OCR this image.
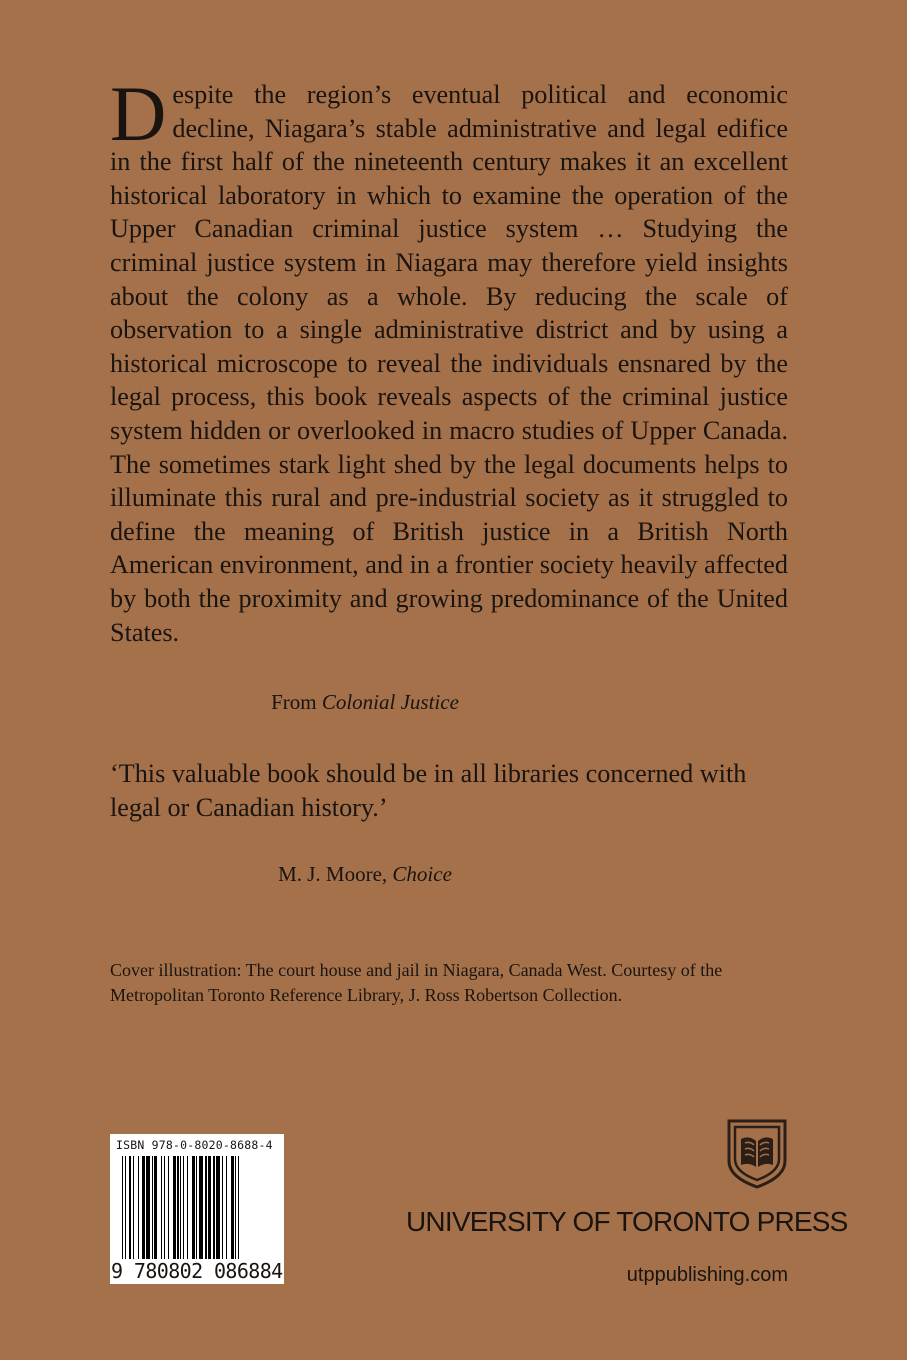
Despite the region’s eventual political and economic decline, Niagara’s stable administrative and legal edifice in the first half of the nineteenth century makes it an excellent historical laboratory in which to examine the operation of the Upper Canadian criminal justice system … Studying the criminal justice system in Niagara may therefore yield insights about the colony as a whole. By reducing the scale of observation to a single administrative district and by using a historical microscope to reveal the individuals ensnared by the legal process, this book reveals aspects of the criminal justice system hidden or overlooked in macro studies of Upper Canada. The sometimes stark light shed by the legal documents helps to illuminate this rural and pre-industrial society as it struggled to define the meaning of British justice in a British North American environment, and in a frontier society heavily affected by both the proximity and growing predominance of the United States.

From Colonial Justice

‘This valuable book should be in all libraries concerned with legal or Canadian history.’

M. J. Moore, Choice

Cover illustration: The court house and jail in Niagara, Canada West. Courtesy of the Metropolitan Toronto Reference Library, J. Ross Robertson Collection.

ISBN 978-0-8020-8688-4
9 780802 086884

UNIVERSITY OF TORONTO PRESS

utppublishing.com
